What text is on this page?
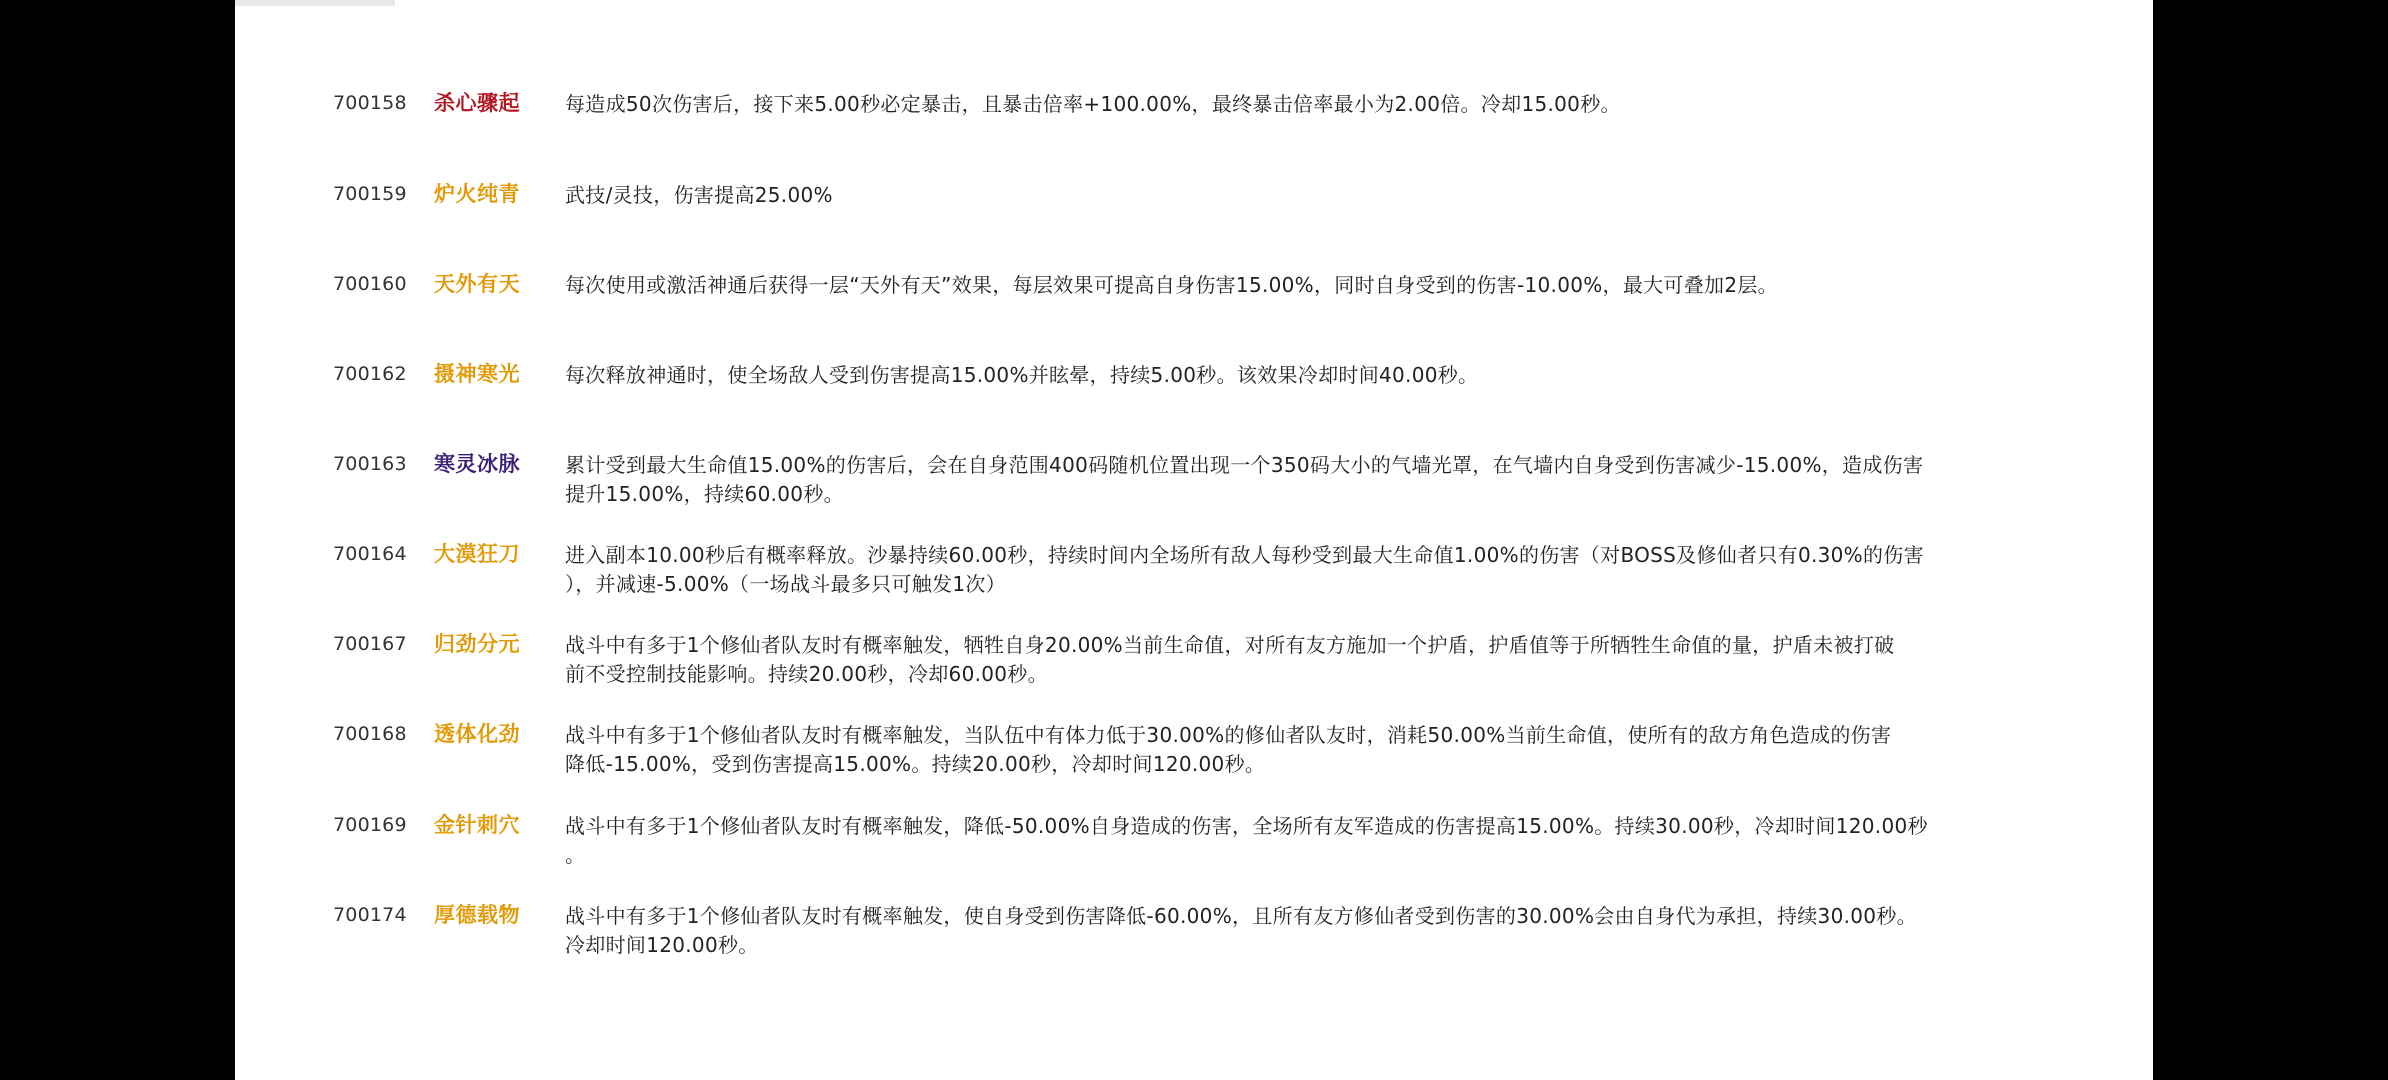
700158 杀心骤起 每造成50次伤害后，接下来5.00秒必定暴击，且暴击倍率+100.00%，最终暴击倍率最小为2.00倍。冷却15.00秒。
700159 炉火纯青 武技/灵技，伤害提高25.00%
700160 天外有天 每次使用或激活神通后获得一层“天外有天”效果，每层效果可提高自身伤害15.00%，同时自身受到的伤害-10.00%，最大可叠加2层。
700162 摄神寒光 每次释放神通时，使全场敌人受到伤害提高15.00%并眩晕，持续5.00秒。该效果冷却时间40.00秒。
700163 寒灵冰脉 累计受到最大生命值15.00%的伤害后，会在自身范围400码随机位置出现一个350码大小的气墙光罩，在气墙内自身受到伤害减少-15.00%，造成伤害
提升15.00%，持续60.00秒。
700164 大漠狂刀 进入副本10.00秒后有概率释放。沙暴持续60.00秒，持续时间内全场所有敌人每秒受到最大生命值1.00%的伤害（对BOSS及修仙者只有0.30%的伤害
），并减速-5.00%（一场战斗最多只可触发1次）
700167 归劲分元 战斗中有多于1个修仙者队友时有概率触发，牺牲自身20.00%当前生命值，对所有友方施加一个护盾，护盾值等于所牺牲生命值的量，护盾未被打破
前不受控制技能影响。持续20.00秒，冷却60.00秒。
700168 透体化劲 战斗中有多于1个修仙者队友时有概率触发，当队伍中有体力低于30.00%的修仙者队友时，消耗50.00%当前生命值，使所有的敌方角色造成的伤害
降低-15.00%，受到伤害提高15.00%。持续20.00秒，冷却时间120.00秒。
700169 金针刺穴 战斗中有多于1个修仙者队友时有概率触发，降低-50.00%自身造成的伤害，全场所有友军造成的伤害提高15.00%。持续30.00秒，冷却时间120.00秒
。
700174 厚德载物 战斗中有多于1个修仙者队友时有概率触发，使自身受到伤害降低-60.00%，且所有友方修仙者受到伤害的30.00%会由自身代为承担，持续30.00秒。
冷却时间120.00秒。
